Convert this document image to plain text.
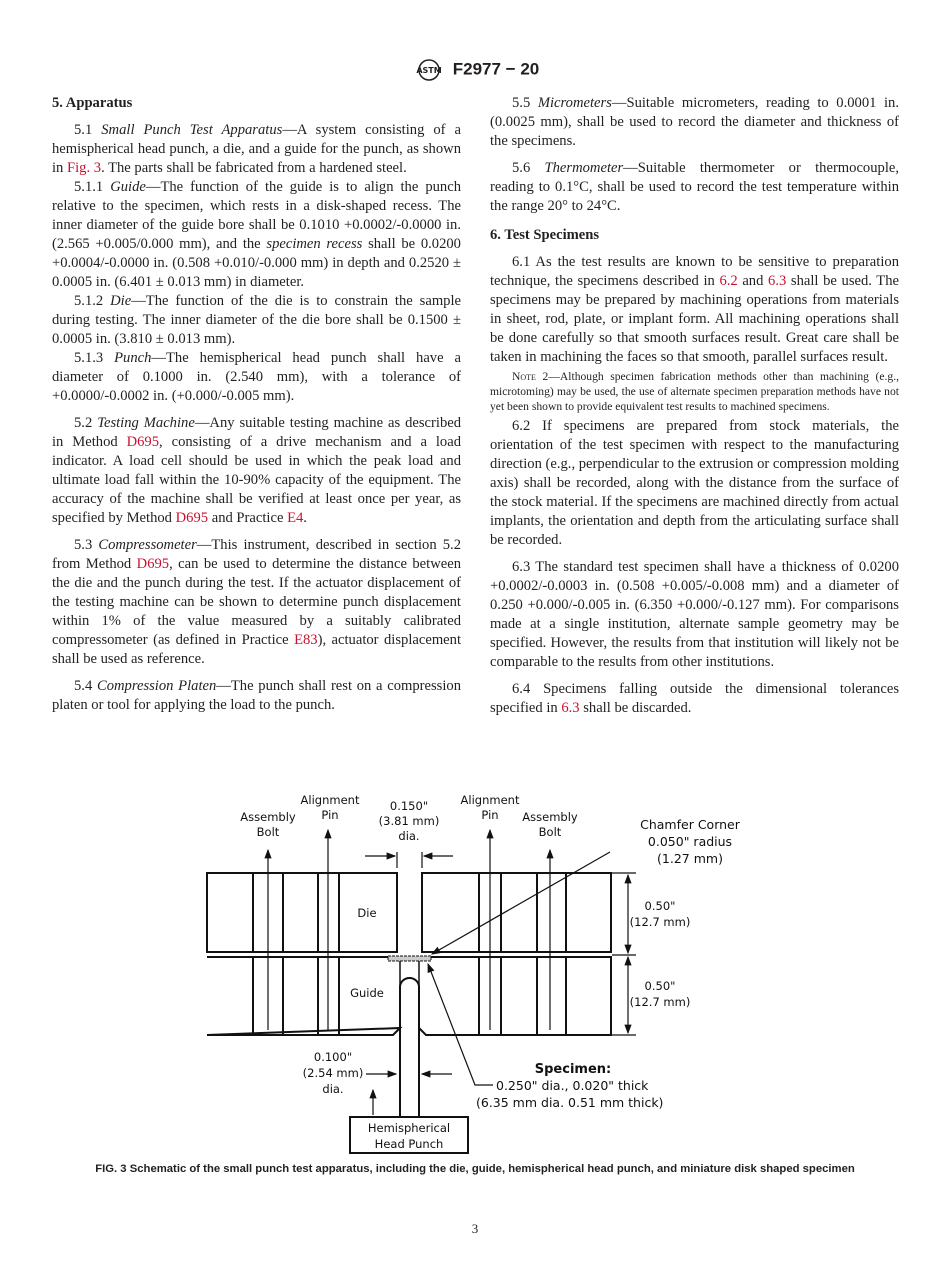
ASTM F2977 − 20
5. Apparatus

5.1 Small Punch Test Apparatus—A system consisting of a hemispherical head punch, a die, and a guide for the punch, as shown in Fig. 3. The parts shall be fabricated from a hardened steel.

5.1.1 Guide—The function of the guide is to align the punch relative to the specimen, which rests in a disk-shaped recess. The inner diameter of the guide bore shall be 0.1010 +0.0002/-0.0000 in. (2.565 +0.005/0.000 mm), and the specimen recess shall be 0.0200 +0.0004/-0.0000 in. (0.508 +0.010/-0.000 mm) in depth and 0.2520 ± 0.0005 in. (6.401 ± 0.013 mm) in diameter.

5.1.2 Die—The function of the die is to constrain the sample during testing. The inner diameter of the die bore shall be 0.1500 ± 0.0005 in. (3.810 ± 0.013 mm).

5.1.3 Punch—The hemispherical head punch shall have a diameter of 0.1000 in. (2.540 mm), with a tolerance of +0.0000/-0.0002 in. (+0.000/-0.005 mm).

5.2 Testing Machine—Any suitable testing machine as described in Method D695, consisting of a drive mechanism and a load indicator. A load cell should be used in which the peak load and ultimate load fall within the 10-90% capacity of the equipment. The accuracy of the machine shall be verified at least once per year, as specified by Method D695 and Practice E4.

5.3 Compressometer—This instrument, described in section 5.2 from Method D695, can be used to determine the distance between the die and the punch during the test. If the actuator displacement of the testing machine can be shown to determine punch displacement within 1% of the value measured by a suitably calibrated compressometer (as defined in Practice E83), actuator displacement shall be used as reference.

5.4 Compression Platen—The punch shall rest on a compression platen or tool for applying the load to the punch.

5.5 Micrometers—Suitable micrometers, reading to 0.0001 in. (0.0025 mm), shall be used to record the diameter and thickness of the specimens.

5.6 Thermometer—Suitable thermometer or thermocouple, reading to 0.1°C, shall be used to record the test temperature within the range 20° to 24°C.

6. Test Specimens

6.1 As the test results are known to be sensitive to preparation technique, the specimens described in 6.2 and 6.3 shall be used. The specimens may be prepared by machining operations from materials in sheet, rod, plate, or implant form. All machining operations shall be done carefully so that smooth surfaces result. Great care shall be taken in machining the faces so that smooth, parallel surfaces result.

Note 2—Although specimen fabrication methods other than machining (e.g., microtoming) may be used, the use of alternate specimen preparation methods have not yet been shown to provide equivalent test results to machined specimens.

6.2 If specimens are prepared from stock materials, the orientation of the test specimen with respect to the manufacturing direction (e.g., perpendicular to the extrusion or compression molding axis) shall be recorded, along with the distance from the surface of the stock material. If the specimens are machined directly from actual implants, the orientation and depth from the articulating surface shall be recorded.

6.3 The standard test specimen shall have a thickness of 0.0200 +0.0002/-0.0003 in. (0.508 +0.005/-0.008 mm) and a diameter of 0.250 +0.000/-0.005 in. (6.350 +0.000/-0.127 mm). For comparisons made at a single institution, alternate sample geometry may be specified. However, the results from that institution will likely not be comparable to the results from other institutions.

6.4 Specimens falling outside the dimensional tolerances specified in 6.3 shall be discarded.

Assembly
Bolt
Alignment
Pin
0.150"
(3.81 mm)
dia.
Alignment
Pin Assembly
Bolt	Chamfer Corner
0.050" radius
(1.27 mm)
Die
Guide
0.50"
(12.7 mm)
0.50"
(12.7 mm)
0.100"
(2.54 mm)
dia.
Specimen:
0.250" dia., 0.020" thick
(6.35 mm dia. 0.51 mm thick)
Hemispherical
Head Punch
FIG. 3 Schematic of the small punch test apparatus, including the die, guide, hemispherical head punch, and miniature disk shaped specimen
3
